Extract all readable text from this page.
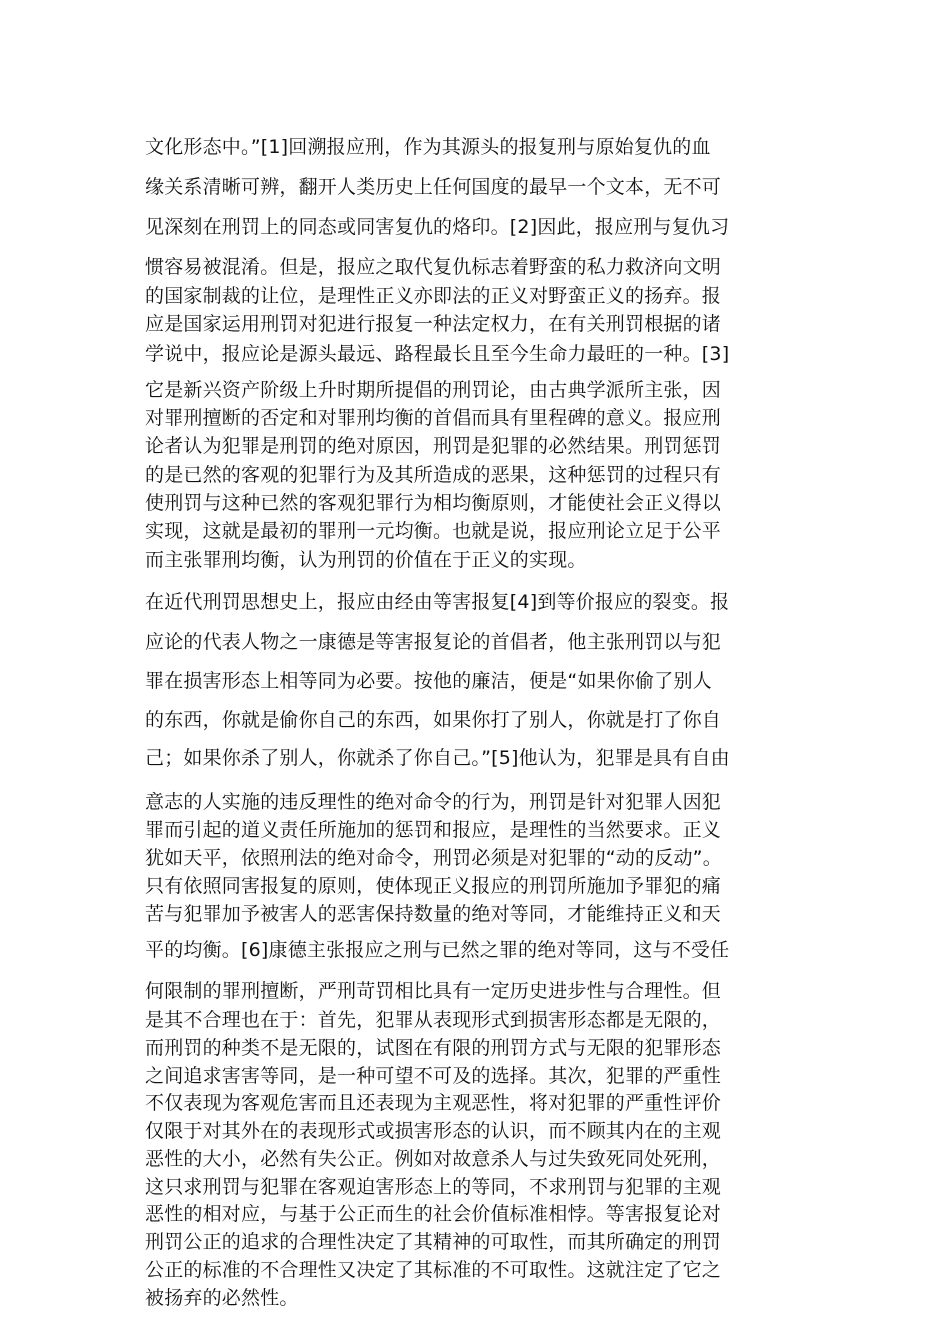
文化形态中。”[1]回溯报应刑，作为其源头的报复刑与原始复仇的血
缘关系清晰可辨，翻开人类历史上任何国度的最早一个文本，无不可
见深刻在刑罚上的同态或同害复仇的烙印。[2]因此，报应刑与复仇习
惯容易被混淆。但是，报应之取代复仇标志着野蛮的私力救济向文明
的国家制裁的让位，是理性正义亦即法的正义对野蛮正义的扬弃。报
应是国家运用刑罚对犯进行报复一种法定权力，在有关刑罚根据的诸
学说中，报应论是源头最远、路程最长且至今生命力最旺的一种。[3]
它是新兴资产阶级上升时期所提倡的刑罚论，由古典学派所主张，因
对罪刑擅断的否定和对罪刑均衡的首倡而具有里程碑的意义。报应刑
论者认为犯罪是刑罚的绝对原因，刑罚是犯罪的必然结果。刑罚惩罚
的是已然的客观的犯罪行为及其所造成的恶果，这种惩罚的过程只有
使刑罚与这种已然的客观犯罪行为相均衡原则，才能使社会正义得以
实现，这就是最初的罪刑一元均衡。也就是说，报应刑论立足于公平
而主张罪刑均衡，认为刑罚的价值在于正义的实现。
在近代刑罚思想史上，报应由经由等害报复[4]到等价报应的裂变。报
应论的代表人物之一康德是等害报复论的首倡者，他主张刑罚以与犯
罪在损害形态上相等同为必要。按他的廉洁，便是“如果你偷了别人
的东西，你就是偷你自己的东西，如果你打了别人，你就是打了你自
己；如果你杀了别人，你就杀了你自己。”[5]他认为，犯罪是具有自由
意志的人实施的违反理性的绝对命令的行为，刑罚是针对犯罪人因犯
罪而引起的道义责任所施加的惩罚和报应，是理性的当然要求。正义
犹如天平，依照刑法的绝对命令，刑罚必须是对犯罪的“动的反动”。
只有依照同害报复的原则，使体现正义报应的刑罚所施加予罪犯的痛
苦与犯罪加予被害人的恶害保持数量的绝对等同，才能维持正义和天
平的均衡。[6]康德主张报应之刑与已然之罪的绝对等同，这与不受任
何限制的罪刑擅断，严刑苛罚相比具有一定历史进步性与合理性。但
是其不合理也在于：首先，犯罪从表现形式到损害形态都是无限的，
而刑罚的种类不是无限的，试图在有限的刑罚方式与无限的犯罪形态
之间追求害害等同，是一种可望不可及的选择。其次，犯罪的严重性
不仅表现为客观危害而且还表现为主观恶性，将对犯罪的严重性评价
仅限于对其外在的表现形式或损害形态的认识，而不顾其内在的主观
恶性的大小，必然有失公正。例如对故意杀人与过失致死同处死刑，
这只求刑罚与犯罪在客观迫害形态上的等同，不求刑罚与犯罪的主观
恶性的相对应，与基于公正而生的社会价值标准相悖。等害报复论对
刑罚公正的追求的合理性决定了其精神的可取性，而其所确定的刑罚
公正的标准的不合理性又决定了其标准的不可取性。这就注定了它之
被扬弃的必然性。
